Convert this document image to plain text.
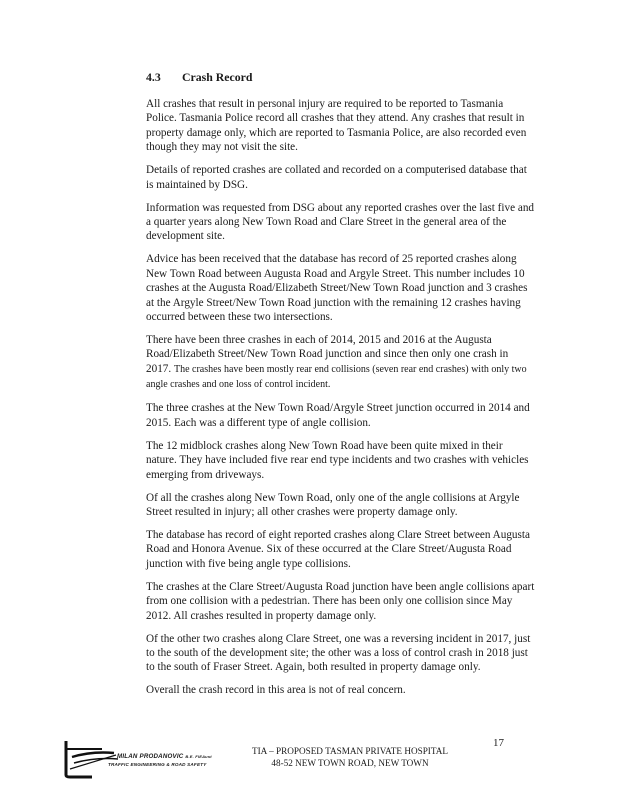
4.3 Crash Record

All crashes that result in personal injury are required to be reported to Tasmania Police. Tasmania Police record all crashes that they attend. Any crashes that result in property damage only, which are reported to Tasmania Police, are also recorded even though they may not visit the site.

Details of reported crashes are collated and recorded on a computerised database that is maintained by DSG.

Information was requested from DSG about any reported crashes over the last five and a quarter years along New Town Road and Clare Street in the general area of the development site.

Advice has been received that the database has record of 25 reported crashes along New Town Road between Augusta Road and Argyle Street. This number includes 10 crashes at the Augusta Road/Elizabeth Street/New Town Road junction and 3 crashes at the Argyle Street/New Town Road junction with the remaining 12 crashes having occurred between these two intersections.

There have been three crashes in each of 2014, 2015 and 2016 at the Augusta Road/Elizabeth Street/New Town Road junction and since then only one crash in 2017. The crashes have been mostly rear end collisions (seven rear end crashes) with only two angle crashes and one loss of control incident.

The three crashes at the New Town Road/Argyle Street junction occurred in 2014 and 2015. Each was a different type of angle collision.

The 12 midblock crashes along New Town Road have been quite mixed in their nature. They have included five rear end type incidents and two crashes with vehicles emerging from driveways.

Of all the crashes along New Town Road, only one of the angle collisions at Argyle Street resulted in injury; all other crashes were property damage only.

The database has record of eight reported crashes along Clare Street between Augusta Road and Honora Avenue. Six of these occurred at the Clare Street/Augusta Road junction with five being angle type collisions.

The crashes at the Clare Street/Augusta Road junction have been angle collisions apart from one collision with a pedestrian. There has been only one collision since May 2012. All crashes resulted in property damage only.

Of the other two crashes along Clare Street, one was a reversing incident in 2017, just to the south of the development site; the other was a loss of control crash in 2018 just to the south of Fraser Street. Again, both resulted in property damage only.

Overall the crash record in this area is not of real concern.

MILAN PRODANOVIC B.E. FIEAust
TRAFFIC ENGINEERING & ROAD SAFETY
17
TIA – PROPOSED TASMAN PRIVATE HOSPITAL
48-52 NEW TOWN ROAD, NEW TOWN
